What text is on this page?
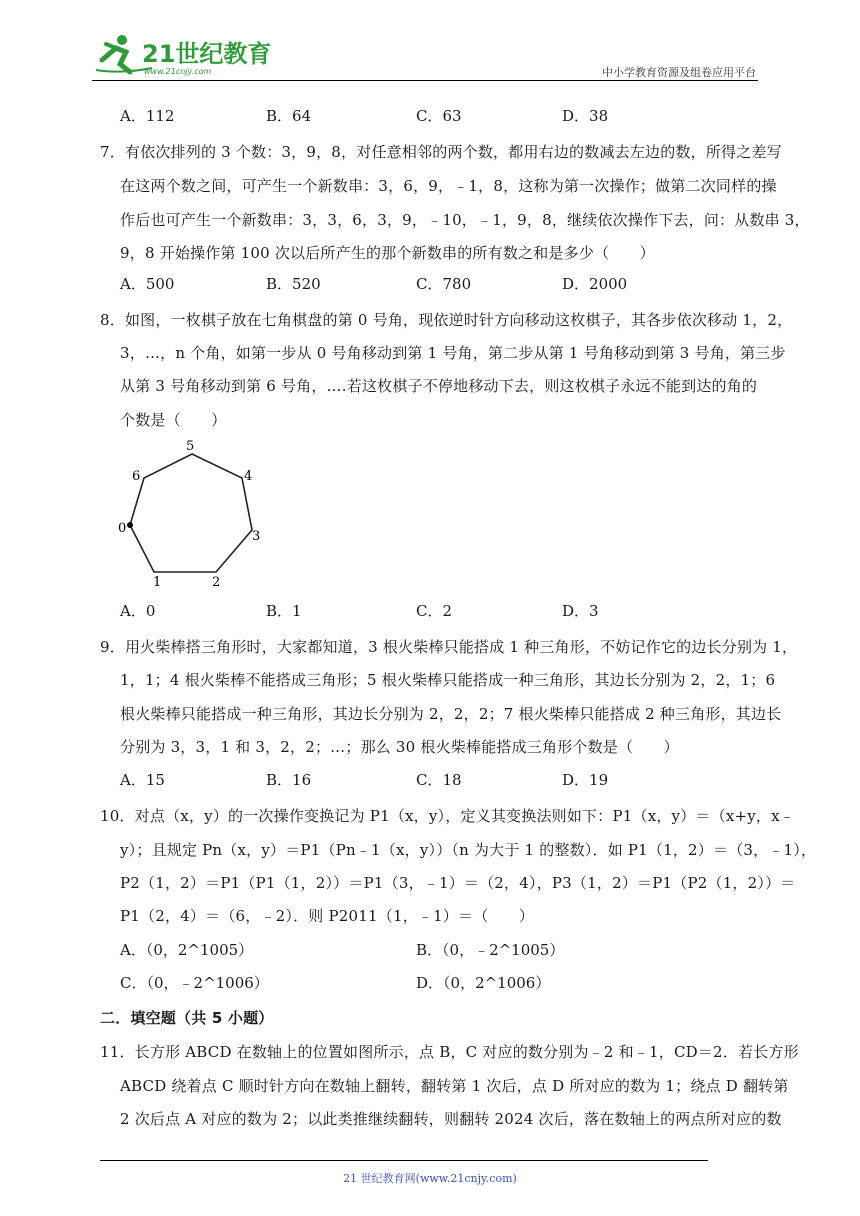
21世纪教育
www.21cnjy.com	中小学教育资源及组卷应用平台
A．112	B．64	C．63	D．38
7．有依次排列的 3 个数：3，9，8，对任意相邻的两个数，都用右边的数减去左边的数，所得之差写
在这两个数之间，可产生一个新数串：3，6，9，﹣1，8，这称为第一次操作；做第二次同样的操
作后也可产生一个新数串：3，3，6，3，9，﹣10，﹣1，9，8，继续依次操作下去，问：从数串 3，
9，8 开始操作第 100 次以后所产生的那个新数串的所有数之和是多少（　　）
A．500	B．520	C．780	D．2000
8．如图，一枚棋子放在七角棋盘的第 0 号角，现依逆时针方向移动这枚棋子，其各步依次移动 1，2，
3，…，n 个角，如第一步从 0 号角移动到第 1 号角，第二步从第 1 号角移动到第 3 号角，第三步
从第 3 号角移动到第 6 号角，….若这枚棋子不停地移动下去，则这枚棋子永远不能到达的角的
个数是（　　）
0
1	2
3
4
5
6
A．0	B．1	C．2	D．3
9．用火柴棒搭三角形时，大家都知道，3 根火柴棒只能搭成 1 种三角形，不妨记作它的边长分别为 1，
1，1；4 根火柴棒不能搭成三角形；5 根火柴棒只能搭成一种三角形，其边长分别为 2，2，1；6
根火柴棒只能搭成一种三角形，其边长分别为 2，2，2；7 根火柴棒只能搭成 2 种三角形，其边长
分别为 3，3，1 和 3，2，2；…；那么 30 根火柴棒能搭成三角形个数是（　　）
A．15	B．16	C．18	D．19
10．对点（x，y）的一次操作变换记为 P1（x，y），定义其变换法则如下：P1（x，y）＝（x+y，x﹣
y）；且规定 Pn（x，y）＝P1（Pn﹣1（x，y））（n 为大于 1 的整数）．如 P1（1，2）＝（3，﹣1），
P2（1，2）＝P1（P1（1，2））＝P1（3，﹣1）＝（2，4），P3（1，2）＝P1（P2（1，2））＝
P1（2，4）＝（6，﹣2）．则 P2011（1，﹣1）＝（　　）
A．（0，2^1005）	B．（0，﹣2^1005）
C．（0，﹣2^1006）	D．（0，2^1006）
二．填空题（共 5 小题）
11．长方形 ABCD 在数轴上的位置如图所示，点 B，C 对应的数分别为﹣2 和﹣1，CD＝2．若长方形
ABCD 绕着点 C 顺时针方向在数轴上翻转，翻转第 1 次后，点 D 所对应的数为 1；绕点 D 翻转第
2 次后点 A 对应的数为 2；以此类推继续翻转，则翻转 2024 次后，落在数轴上的两点所对应的数
21 世纪教育网(www.21cnjy.com)
